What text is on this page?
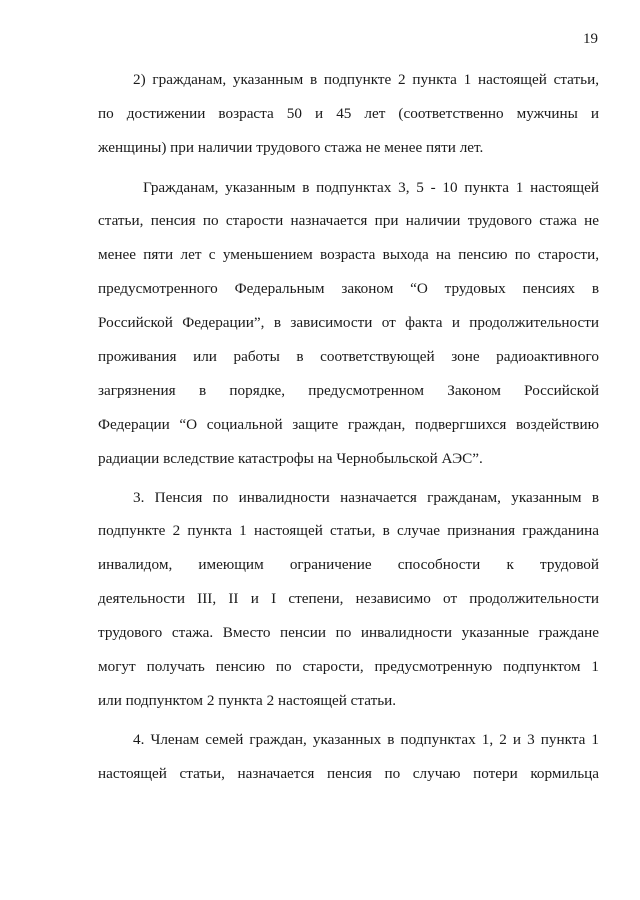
19
2) гражданам, указанным в подпункте 2 пункта 1 настоящей статьи,
по достижении возраста 50 и 45 лет (соответственно мужчины и
женщины) при наличии трудового стажа не менее пяти лет.
Гражданам, указанным в подпунктах 3, 5 - 10 пункта 1 настоящей
статьи, пенсия по старости назначается при наличии трудового стажа не
менее пяти лет с уменьшением возраста выхода на пенсию по старости,
предусмотренного Федеральным законом “О трудовых пенсиях в
Российской Федерации”, в зависимости от факта и продолжительности
проживания или работы в соответствующей зоне радиоактивного
загрязнения в порядке, предусмотренном Законом Российской
Федерации “О социальной защите граждан, подвергшихся воздействию
радиации вследствие катастрофы на Чернобыльской АЭС”.
3. Пенсия по инвалидности назначается гражданам, указанным в
подпункте 2 пункта 1 настоящей статьи, в случае признания гражданина
инвалидом, имеющим ограничение способности к трудовой
деятельности III, II и I степени, независимо от продолжительности
трудового стажа. Вместо пенсии по инвалидности указанные граждане
могут получать пенсию по старости, предусмотренную подпунктом 1
или подпунктом 2 пункта 2 настоящей статьи.
4. Членам семей граждан, указанных в подпунктах 1, 2 и 3 пункта 1
настоящей статьи, назначается пенсия по случаю потери кормильца
